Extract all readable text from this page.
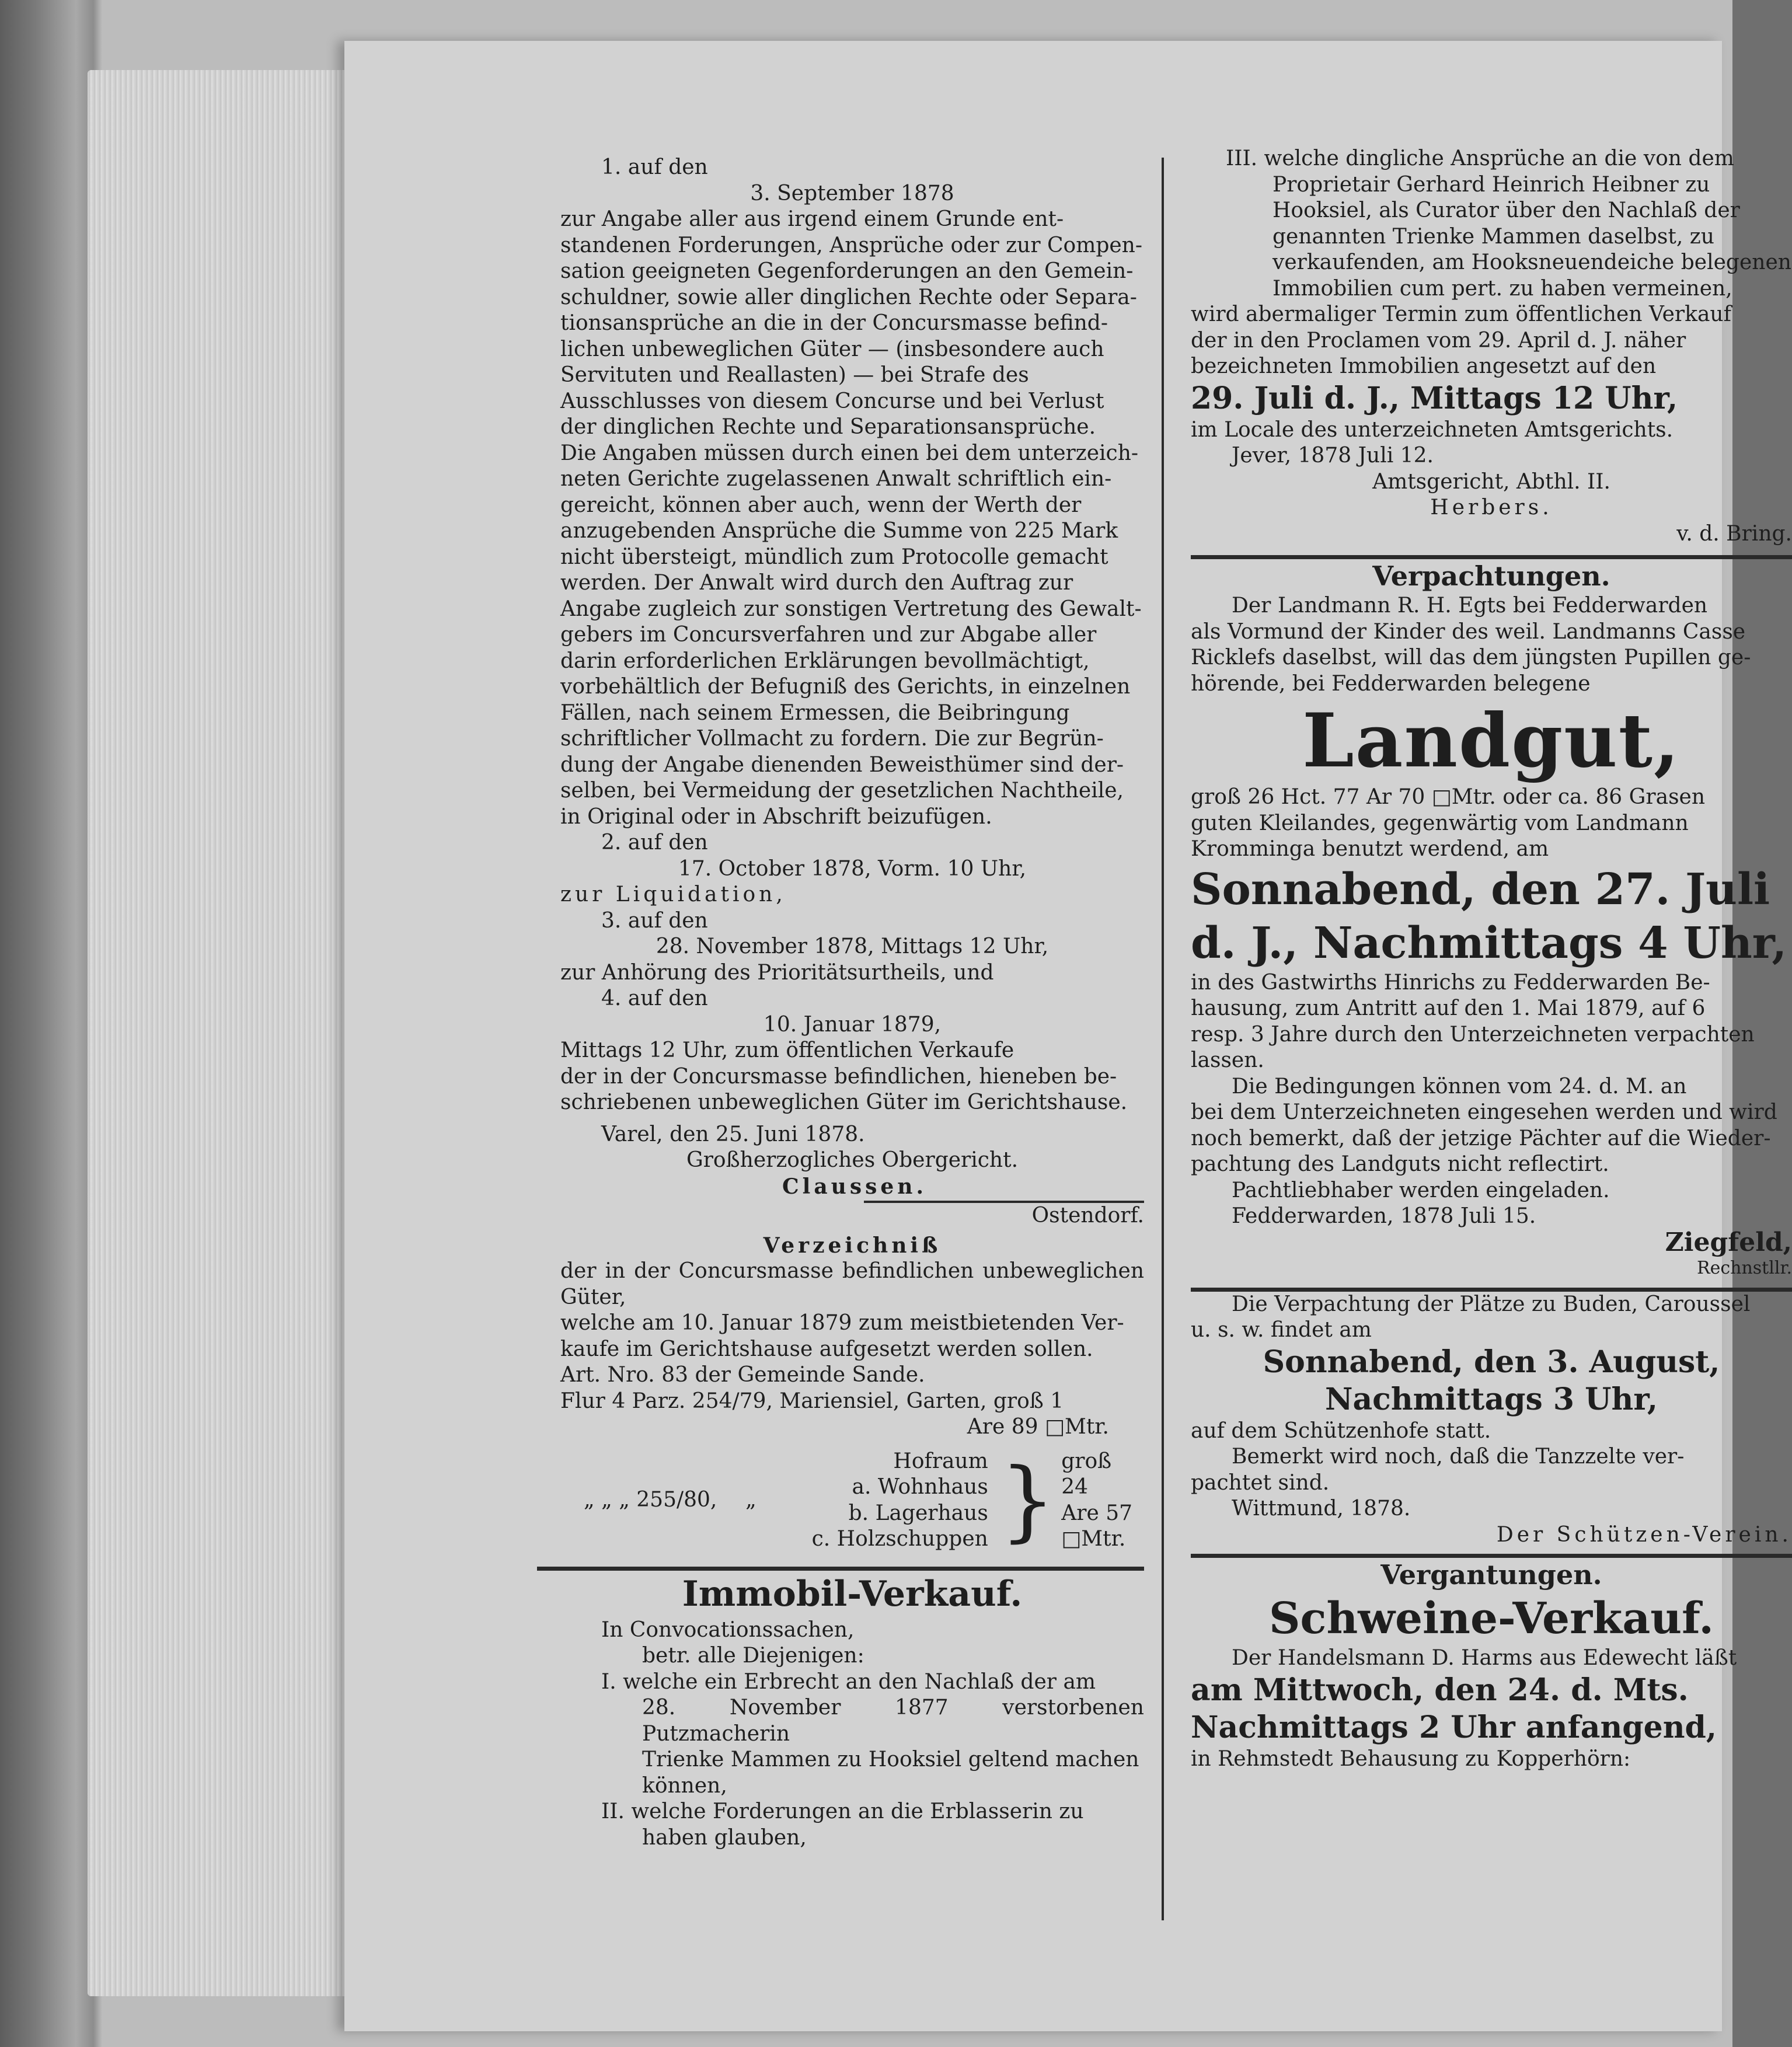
1. auf den

3. September 1878

zur Angabe aller aus irgend einem Grunde ent-

standenen Forderungen, Ansprüche oder zur Compen-

sation geeigneten Gegenforderungen an den Gemein-

schuldner, sowie aller dinglichen Rechte oder Separa-

tionsansprüche an die in der Concursmasse befind-

lichen unbeweglichen Güter — (insbesondere auch

Servituten und Reallasten) — bei Strafe des

Ausschlusses von diesem Concurse und bei Verlust

der dinglichen Rechte und Separationsansprüche.

Die Angaben müssen durch einen bei dem unterzeich-

neten Gerichte zugelassenen Anwalt schriftlich ein-

gereicht, können aber auch, wenn der Werth der

anzugebenden Ansprüche die Summe von 225 Mark

nicht übersteigt, mündlich zum Protocolle gemacht

werden. Der Anwalt wird durch den Auftrag zur

Angabe zugleich zur sonstigen Vertretung des Gewalt-

gebers im Concursverfahren und zur Abgabe aller

darin erforderlichen Erklärungen bevollmächtigt,

vorbehältlich der Befugniß des Gerichts, in einzelnen

Fällen, nach seinem Ermessen, die Beibringung

schriftlicher Vollmacht zu fordern. Die zur Begrün-

dung der Angabe dienenden Beweisthümer sind der-

selben, bei Vermeidung der gesetzlichen Nachtheile,

in Original oder in Abschrift beizufügen.

2. auf den

17. October 1878, Vorm. 10 Uhr,

zur Liquidation,

3. auf den

28. November 1878, Mittags 12 Uhr,

zur Anhörung des Prioritätsurtheils, und

4. auf den

10. Januar 1879,

Mittags 12 Uhr, zum öffentlichen Verkaufe

der in der Concursmasse befindlichen, hieneben be-

schriebenen unbeweglichen Güter im Gerichtshause.

Varel, den 25. Juni 1878.

Großherzogliches Obergericht.

Claussen.

Ostendorf.

Verzeichniß

der in der Concursmasse befindlichen unbeweglichen Güter,

welche am 10. Januar 1879 zum meistbietenden Ver-

kaufe im Gerichtshause aufgesetzt werden sollen.

Art. Nro. 83 der Gemeinde Sande.

Flur 4 Parz. 254/79, Mariensiel, Garten, groß 1

Are 89 □Mtr.

„ „ „ 255/80,	„

Hofraum

a. Wohnhaus

b. Lagerhaus

c. Holzschuppen } groß 24

Are 57

□Mtr.

Immobil-Verkauf.

In Convocationssachen,

betr. alle Diejenigen:

I. welche ein Erbrecht an den Nachlaß der am

28. November 1877 verstorbenen Putzmacherin

Trienke Mammen zu Hooksiel geltend machen

können,

II. welche Forderungen an die Erblasserin zu

haben glauben,

III. welche dingliche Ansprüche an die von dem

Proprietair Gerhard Heinrich Heibner zu

Hooksiel, als Curator über den Nachlaß der

genannten Trienke Mammen daselbst, zu

verkaufenden, am Hooksneuendeiche belegenen

Immobilien cum pert. zu haben vermeinen,

wird abermaliger Termin zum öffentlichen Verkauf

der in den Proclamen vom 29. April d. J. näher

bezeichneten Immobilien angesetzt auf den

29. Juli d. J., Mittags 12 Uhr,

im Locale des unterzeichneten Amtsgerichts.

Jever, 1878 Juli 12.

Amtsgericht, Abthl. II.

Herbers.

v. d. Bring.

Verpachtungen.

Der Landmann R. H. Egts bei Fedderwarden

als Vormund der Kinder des weil. Landmanns Casse

Ricklefs daselbst, will das dem jüngsten Pupillen ge-

hörende, bei Fedderwarden belegene

Landgut,

groß 26 Hct. 77 Ar 70 □Mtr. oder ca. 86 Grasen

guten Kleilandes, gegenwärtig vom Landmann

Kromminga benutzt werdend, am

Sonnabend, den 27. Juli

d. J., Nachmittags 4 Uhr,

in des Gastwirths Hinrichs zu Fedderwarden Be-

hausung, zum Antritt auf den 1. Mai 1879, auf 6

resp. 3 Jahre durch den Unterzeichneten verpachten

lassen.

Die Bedingungen können vom 24. d. M. an

bei dem Unterzeichneten eingesehen werden und wird

noch bemerkt, daß der jetzige Pächter auf die Wieder-

pachtung des Landguts nicht reflectirt.

Pachtliebhaber werden eingeladen.

Fedderwarden, 1878 Juli 15.

Ziegfeld,

Rechnstllr.

Die Verpachtung der Plätze zu Buden, Caroussel

u. s. w. findet am

Sonnabend, den 3. August,

Nachmittags 3 Uhr,

auf dem Schützenhofe statt.

Bemerkt wird noch, daß die Tanzzelte ver-

pachtet sind.

Wittmund, 1878.

Der Schützen-Verein.

Vergantungen.

Schweine-Verkauf.

Der Handelsmann D. Harms aus Edewecht läßt

am Mittwoch, den 24. d. Mts.

Nachmittags 2 Uhr anfangend,

in Rehmstedt Behausung zu Kopperhörn:
